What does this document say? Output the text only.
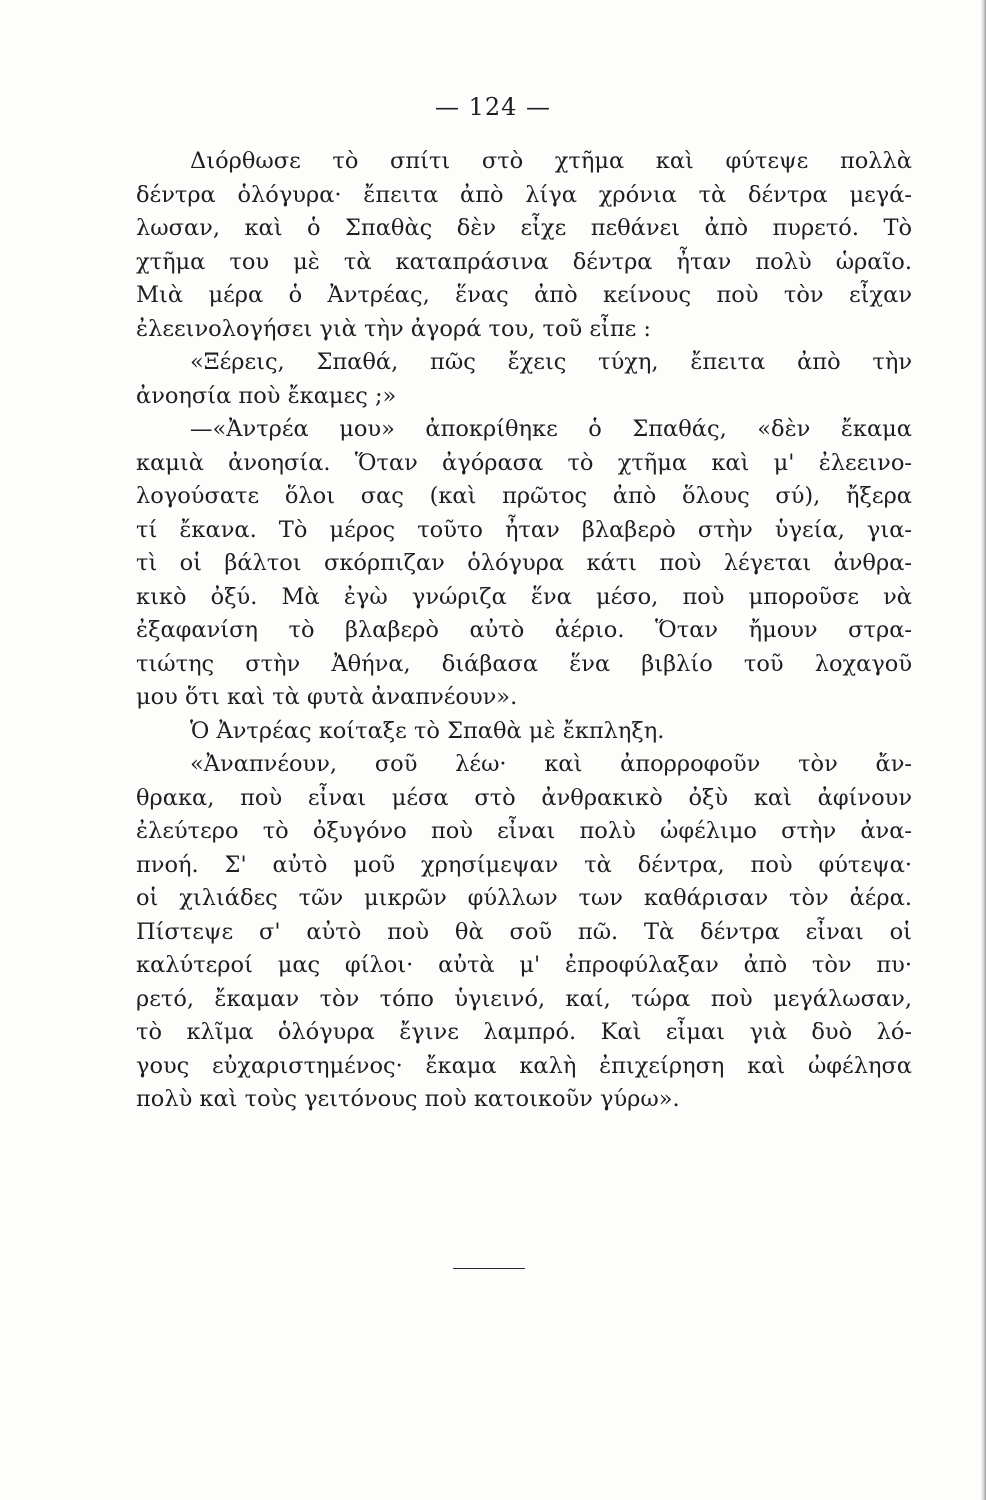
— 124 —
Διόρθωσε τὸ σπίτι στὸ χτῆμα καὶ φύτεψε πολλὰ
δέντρα ὁλόγυρα· ἔπειτα ἀπὸ λίγα χρόνια τὰ δέντρα μεγά-
λωσαν, καὶ ὁ Σπαθὰς δὲν εἶχε πεθάνει ἀπὸ πυρετό. Τὸ
χτῆμα του μὲ τὰ καταπράσινα δέντρα ἦταν πολὺ ὡραῖο.
Μιὰ μέρα ὁ Ἀντρέας, ἕνας ἀπὸ κείνους ποὺ τὸν εἶχαν
ἐλεεινολογήσει γιὰ τὴν ἀγορά του, τοῦ εἶπε :
«Ξέρεις, Σπαθά, πῶς ἔχεις τύχη, ἔπειτα ἀπὸ τὴν
ἀνοησία ποὺ ἔκαμες ;»
—«Ἀντρέα μου» ἀποκρίθηκε ὁ Σπαθάς, «δὲν ἔκαμα
καμιὰ ἀνοησία. Ὅταν ἀγόρασα τὸ χτῆμα καὶ μ' ἐλεεινο-
λογούσατε ὅλοι σας (καὶ πρῶτος ἀπὸ ὅλους σύ), ἤξερα
τί ἔκανα. Τὸ μέρος τοῦτο ἦταν βλαβερὸ στὴν ὑγεία, για-
τὶ οἱ βάλτοι σκόρπιζαν ὁλόγυρα κάτι ποὺ λέγεται ἀνθρα-
κικὸ ὀξύ. Μὰ ἐγὼ γνώριζα ἕνα μέσο, ποὺ μποροῦσε νὰ
ἐξαφανίση τὸ βλαβερὸ αὐτὸ ἀέριο. Ὅταν ἤμουν στρα-
τιώτης στὴν Ἀθήνα, διάβασα ἕνα βιβλίο τοῦ λοχαγοῦ
μου ὅτι καὶ τὰ φυτὰ ἀναπνέουν».
Ὁ Ἀντρέας κοίταξε τὸ Σπαθὰ μὲ ἔκπληξη.
«Ἀναπνέουν, σοῦ λέω· καὶ ἀπορροφοῦν τὸν ἄν-
θρακα, ποὺ εἶναι μέσα στὸ ἀνθρακικὸ ὀξὺ καὶ ἀφίνουν
ἐλεύτερο τὸ ὀξυγόνο ποὺ εἶναι πολὺ ὠφέλιμο στὴν ἀνα-
πνοή. Σ' αὐτὸ μοῦ χρησίμεψαν τὰ δέντρα, ποὺ φύτεψα·
οἱ χιλιάδες τῶν μικρῶν φύλλων των καθάρισαν τὸν ἀέρα.
Πίστεψε σ' αὐτὸ ποὺ θὰ σοῦ πῶ. Τὰ δέντρα εἶναι οἱ
καλύτεροί μας φίλοι· αὐτὰ μ' ἐπροφύλαξαν ἀπὸ τὸν πυ·
ρετό, ἔκαμαν τὸν τόπο ὑγιεινό, καί, τώρα ποὺ μεγάλωσαν,
τὸ κλῖμα ὁλόγυρα ἔγινε λαμπρό. Καὶ εἶμαι γιὰ δυὸ λό-
γους εὐχαριστημένος· ἔκαμα καλὴ ἐπιχείρηση καὶ ὠφέλησα
πολὺ καὶ τοὺς γειτόνους ποὺ κατοικοῦν γύρω».
